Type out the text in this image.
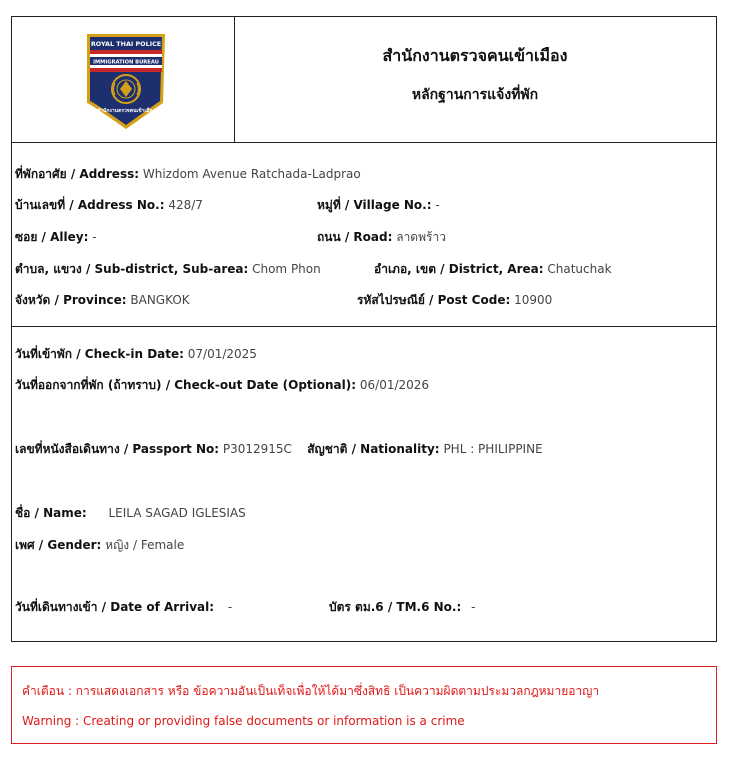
ROYAL THAI POLICE
IMMIGRATION BUREAU
สำนักงานตรวจคนเข้าเมือง
สำนักงานตรวจคนเข้าเมือง
หลักฐานการแจ้งที่พัก
ที่พักอาศัย / Address: Whizdom Avenue Ratchada-Ladprao
บ้านเลขที่ / Address No.: 428/7	หมู่ที่ / Village No.: -
ซอย / Alley: -	ถนน / Road: ลาดพร้าว
ตำบล, แขวง / Sub-district, Sub-area: Chom Phon	อำเภอ, เขต / District, Area: Chatuchak
จังหวัด / Province: BANGKOK	รหัสไปรษณีย์ / Post Code: 10900
วันที่เข้าพัก / Check-in Date: 07/01/2025
วันที่ออกจากที่พัก (ถ้าทราบ) / Check-out Date (Optional): 06/01/2026
เลขที่หนังสือเดินทาง / Passport No: P3012915C สัญชาติ / Nationality: PHL : PHILIPPINE
ชื่อ / Name: LEILA SAGAD IGLESIAS
เพศ / Gender: หญิง / Female
วันที่เดินทางเข้า / Date of Arrival: -	บัตร ตม.6 / TM.6 No.: -
คำเตือน : การแสดงเอกสาร หรือ ข้อความอันเป็นเท็จเพื่อให้ได้มาซึ่งสิทธิ เป็นความผิดตามประมวลกฎหมายอาญา
Warning : Creating or providing false documents or information is a crime
